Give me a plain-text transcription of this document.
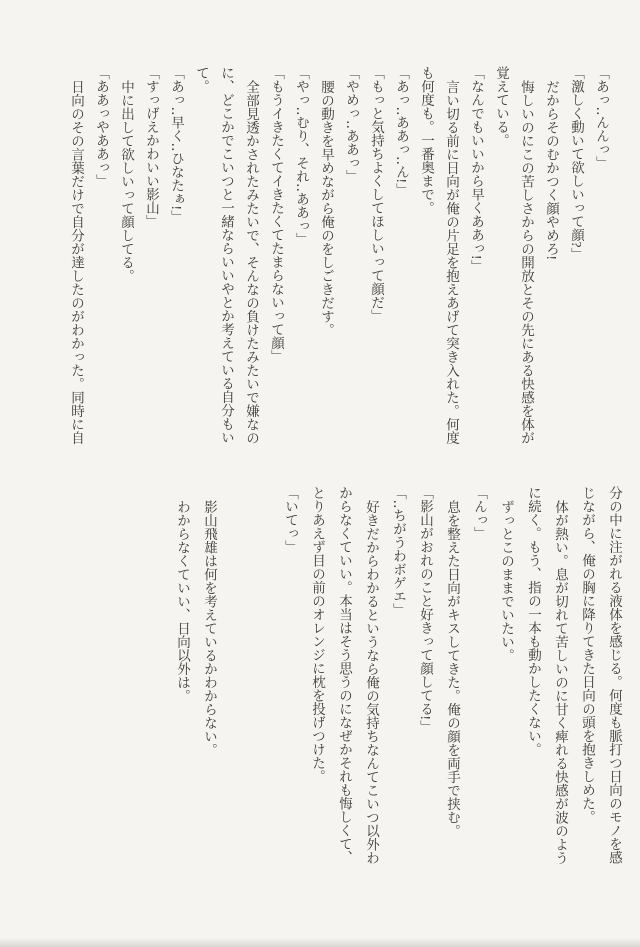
「あっ‥んんっ」

「激しく動いて欲しいって顔?」

だからそのむかつく顔やめろ!

悔しいのにこの苦しさからの開放とその先にある快感を体が

覚えている。

「なんでもいいから早くああっ!」

言い切る前に日向が俺の片足を抱えあげて突き入れた。何度

も何度も。一番奥まで。

「あっ‥ああっ‥ん!」

「もっと気持ちよくしてほしいって顔だ」

「やめっ‥ああっ」

腰の動きを早めながら俺のをしごきだす。

「やっ‥むり、それ‥ああっ」

「もうイきたくてイきたくてたまらないって顔」

全部見透かされたみたいで、そんなの負けたみたいで嫌なの

に、どこかでこいつと一緒ならいいやとか考えている自分もい

て。

「あっ‥早く‥ひなたぁ!」

「すっげえかわいい影山」

中に出して欲しいって顔してる。

「ああっやああっ」

日向のその言葉だけで自分が達したのがわかった。同時に自

分の中に注がれる液体を感じる。何度も脈打つ日向のモノを感

じながら、俺の胸に降りてきた日向の頭を抱きしめた。

体が熱い。息が切れて苦しいのに甘く痺れる快感が波のよう

に続く。もう、指の一本も動かしたくない。

ずっとこのままでいたい。

「んっ」

息を整えた日向がキスしてきた。俺の顔を両手で挟む。

「影山がおれのこと好きって顔してる!」

「‥ちがうわボゲエ」

好きだからわかるというなら俺の気持ちなんてこいつ以外わ

からなくていい。本当はそう思うのになぜかそれも悔しくて、

とりあえず目の前のオレンジに枕を投げつけた。

「いてっ」

影山飛雄は何を考えているかわからない。

わからなくていい、日向以外は。
